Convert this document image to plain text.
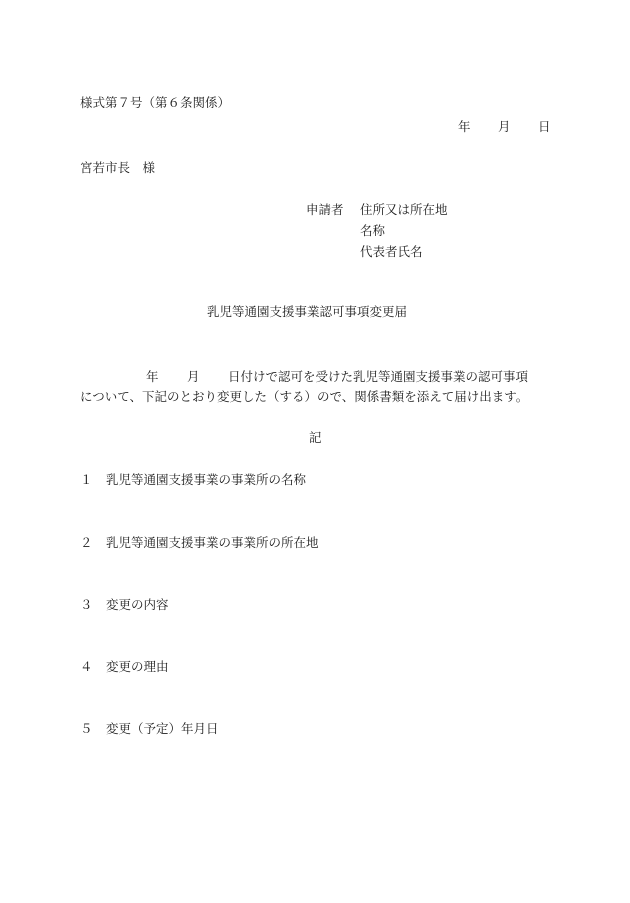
様式第７号（第６条関係）
年 月 日
宮若市長　様
申請者 住所又は所在地
名称
代表者氏名
乳児等通園支援事業認可事項変更届
年 月 日付けで認可を受けた乳児等通園支援事業の認可事項
について、下記のとおり変更した（する）ので、関係書類を添えて届け出ます。
記
１ 乳児等通園支援事業の事業所の名称
２ 乳児等通園支援事業の事業所の所在地
３ 変更の内容
４ 変更の理由
５ 変更（予定）年月日
